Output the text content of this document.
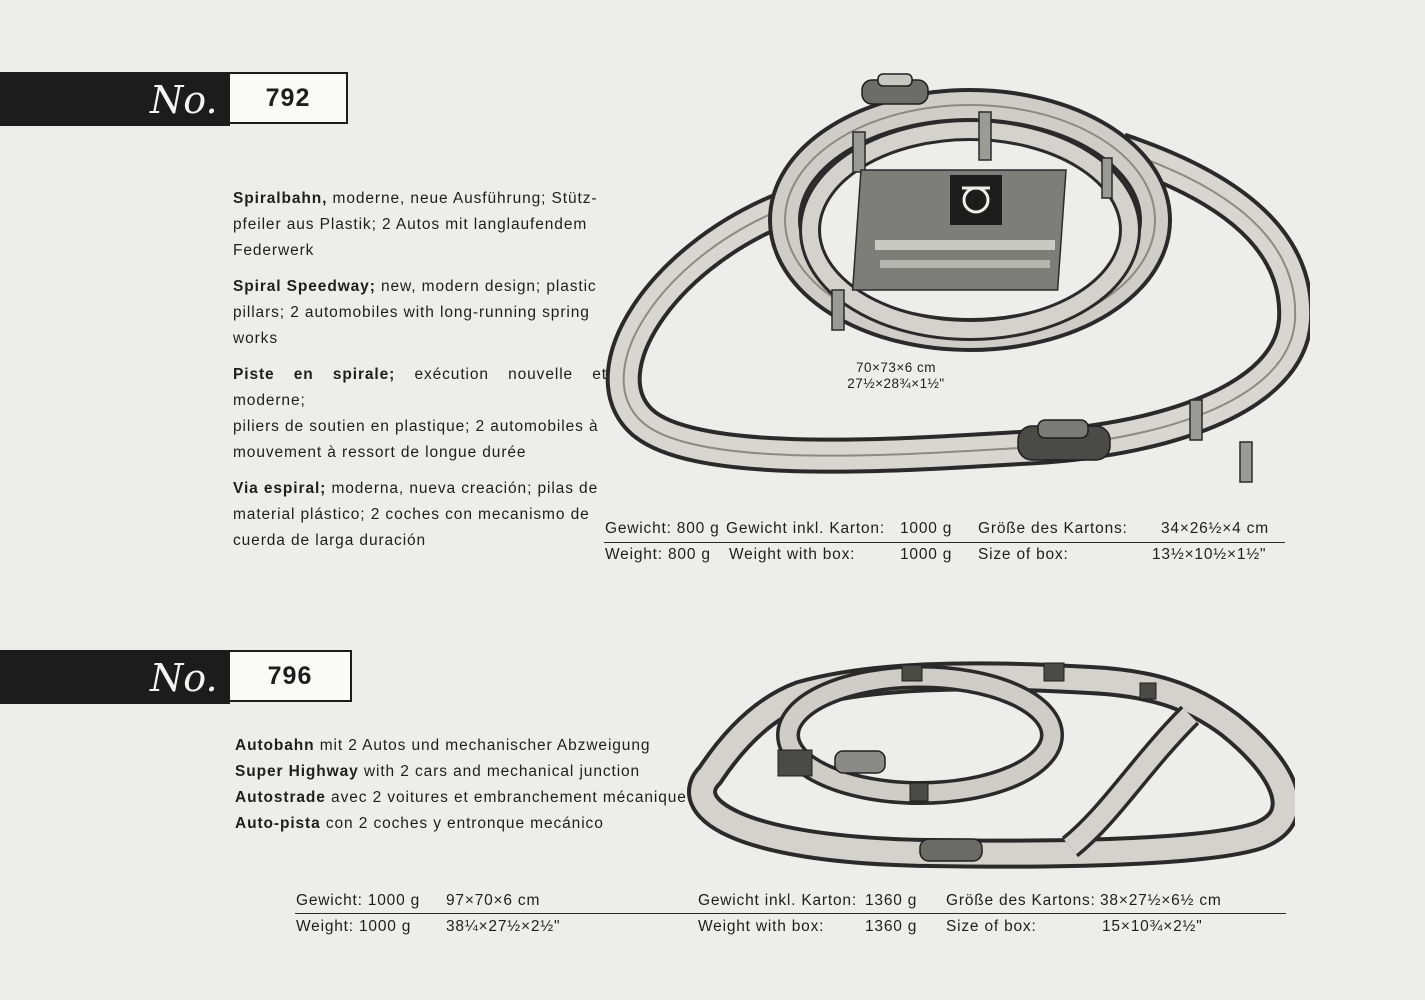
No.	792

Spiralbahn, moderne, neue Ausführung; Stütz-
pfeiler aus Plastik; 2 Autos mit langlaufendem
Federwerk

Spiral Speedway; new, modern design; plastic
pillars; 2 automobiles with long-running spring
works

Piste en spirale; exécution nouvelle et moderne;
piliers de soutien en plastique; 2 automobiles à
mouvement à ressort de longue durée

Via espiral; moderna, nueva creación; pilas de
material plástico; 2 coches con mecanismo de
cuerda de larga duración

70×73×6 cm
27½×28¾×1½"
Gewicht: 800 g Gewicht inkl. Karton: 1000 g Größe des Kartons: 34×26½×4 cm
Weight: 800 g Weight with box:	1000 g Size of box:	13½×10½×1½"
No.	796
Autobahn mit 2 Autos und mechanischer Abzweigung
Super Highway with 2 cars and mechanical junction
Autostrade avec 2 voitures et embranchement mécanique
Auto-pista con 2 coches y entronque mecánico
Gewicht: 1000 g 97×70×6 cm	Gewicht inkl. Karton: 1360 g Größe des Kartons: 38×27½×6½ cm
Weight: 1000 g 38¼×27½×2½"	Weight with box:	1360 g Size of box:	15×10¾×2½"
